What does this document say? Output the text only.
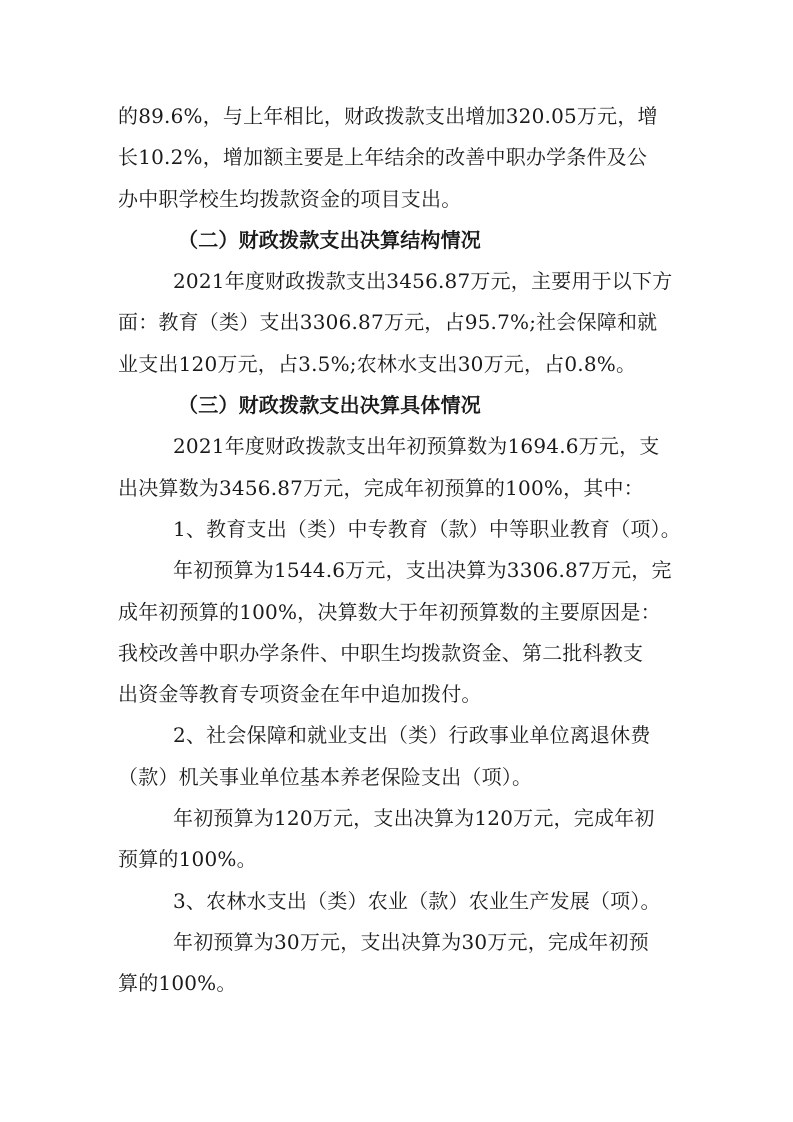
的89.6%，与上年相比，财政拨款支出增加320.05万元，增
长10.2%，增加额主要是上年结余的改善中职办学条件及公
办中职学校生均拨款资金的项目支出。
（二）财政拨款支出决算结构情况
2021年度财政拨款支出3456.87万元，主要用于以下方
面：教育（类）支出3306.87万元，占95.7%;社会保障和就
业支出120万元，占3.5%;农林水支出30万元，占0.8%。
（三）财政拨款支出决算具体情况
2021年度财政拨款支出年初预算数为1694.6万元，支
出决算数为3456.87万元，完成年初预算的100%，其中：
1、教育支出（类）中专教育（款）中等职业教育（项）。
年初预算为1544.6万元，支出决算为3306.87万元，完
成年初预算的100%，决算数大于年初预算数的主要原因是：
我校改善中职办学条件、中职生均拨款资金、第二批科教支
出资金等教育专项资金在年中追加拨付。
2、社会保障和就业支出（类）行政事业单位离退休费
（款）机关事业单位基本养老保险支出（项）。
年初预算为120万元，支出决算为120万元，完成年初
预算的100%。
3、农林水支出（类）农业（款）农业生产发展（项）。
年初预算为30万元，支出决算为30万元，完成年初预
算的100%。
